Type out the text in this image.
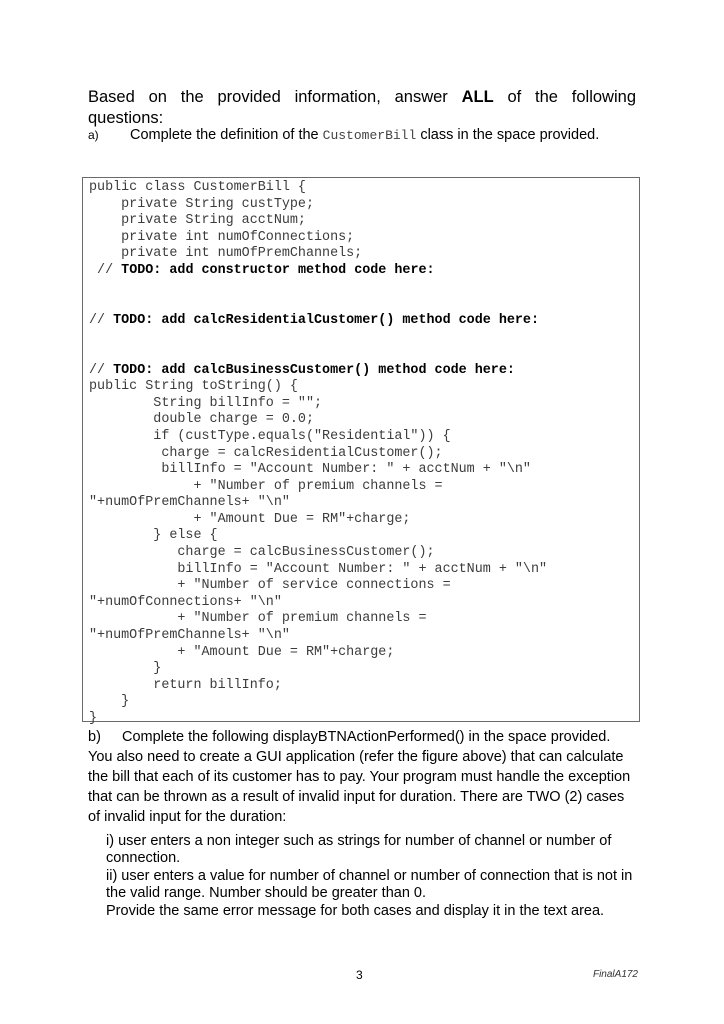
Based on the provided information, answer ALL of the following
questions:
a) Complete the definition of the CustomerBill class in the space provided.
public class CustomerBill {
private String custType;
private String acctNum;
private int numOfConnections;
private int numOfPremChannels;
// TODO: add constructor method code here:

// TODO: add calcResidentialCustomer() method code here:

// TODO: add calcBusinessCustomer() method code here:
public String toString() {
String billInfo = "";
double charge = 0.0;
if (custType.equals("Residential")) {
charge = calcResidentialCustomer();
billInfo = "Account Number: " + acctNum + "\n"
+ "Number of premium channels =
"+numOfPremChannels+ "\n"
+ "Amount Due = RM"+charge;
} else {
charge = calcBusinessCustomer();
billInfo = "Account Number: " + acctNum + "\n"
+ "Number of service connections =
"+numOfConnections+ "\n"
+ "Number of premium channels =
"+numOfPremChannels+ "\n"
+ "Amount Due = RM"+charge;
}
return billInfo;
}
}
b)	Complete the following displayBTNActionPerformed() in the space provided.

You also need to create a GUI application (refer the figure above) that can calculate the bill that each of its customer has to pay. Your program must handle the exception that can be thrown as a result of invalid input for duration. There are TWO (2) cases of invalid input for the duration:

i) user enters a non integer such as strings for number of channel or number of connection.

ii) user enters a value for number of channel or number of connection that is not in the valid range. Number should be greater than 0.

Provide the same error message for both cases and display it in the text area.

3	FinalA172
